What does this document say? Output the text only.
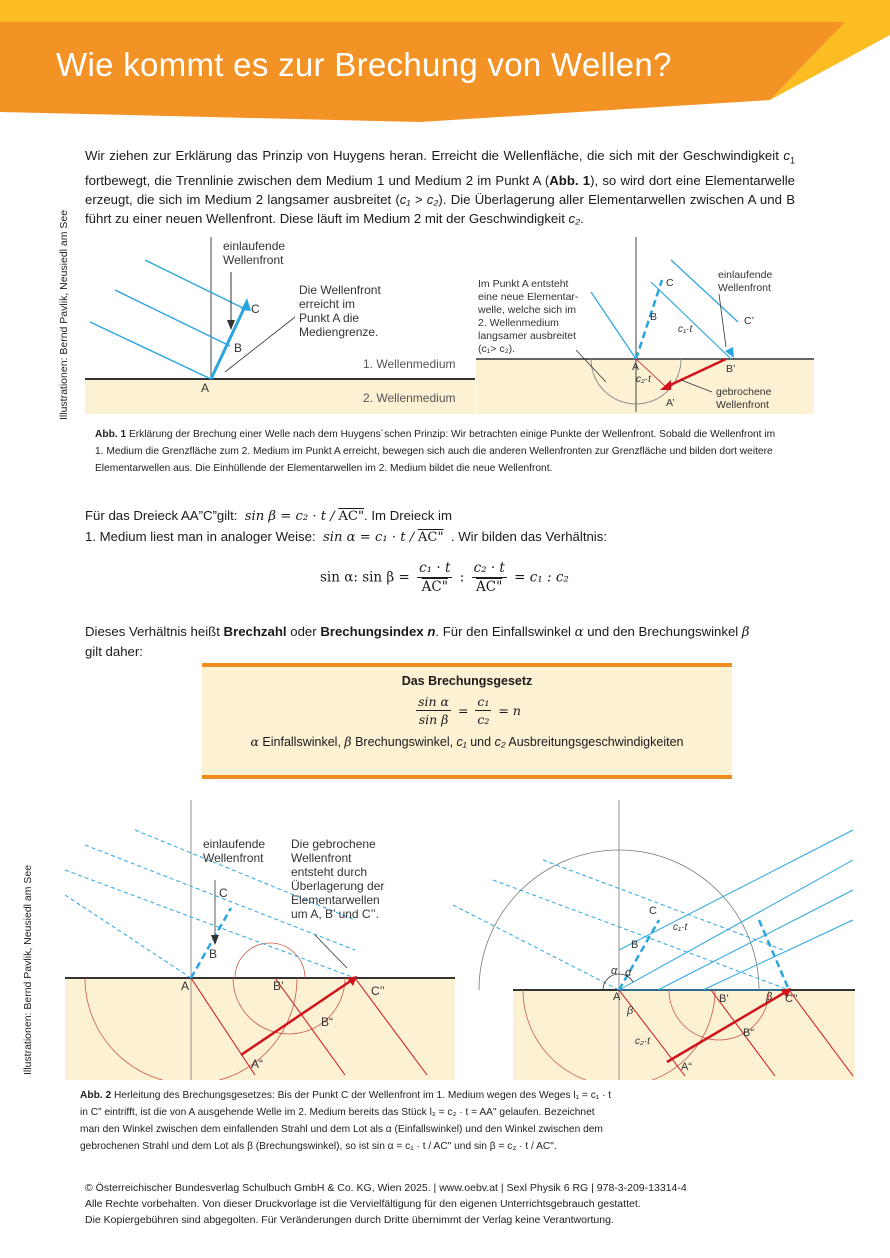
Wie kommt es zur Brechung von Wellen?
Illustrationen: Bernd Pavlik, Neusiedl am See
Illustrationen: Bernd Pavlik, Neusiedl am See
Wir ziehen zur Erklärung das Prinzip von Huygens heran. Erreicht die Wellenfläche, die sich mit der Geschwindigkeit $c_1$ fortbewegt, die Trennlinie zwischen dem Medium 1 und Medium 2 im Punkt A (Abb. 1), so wird dort eine Elementarwelle erzeugt, die sich im Medium 2 langsamer ausbreitet (c₁ > c₂). Die Überlagerung aller Elementarwellen zwischen A und B führt zu einer neuen Wellenfront. Diese läuft im Medium 2 mit der Geschwindigkeit c₂.
einlaufende
Wellenfront
Die Wellenfront
erreicht im
Punkt A die
Mediengrenze.
1. Wellenmedium
2. Wellenmedium
A
B
C
Im Punkt A entsteht
eine neue Elementar-
welle, welche sich im
2. Wellenmedium
langsamer ausbreitet
(c₁> c₂).
einlaufende
Wellenfront
gebrochene
Wellenfront
c₁·t
c₂·t
A
A’
B
B’
C
C’
Abb. 1 Erklärung der Brechung einer Welle nach dem Huygens´schen Prinzip: Wir betrachten einige Punkte der Wellenfront. Sobald die Wellenfront im 1. Medium die Grenzfläche zum 2. Medium im Punkt A erreicht, bewegen sich auch die anderen Wellenfronten zur Grenzfläche und bilden dort weitere Elementarwellen aus. Die Einhüllende der Elementarwellen im 2. Medium bildet die neue Wellenfront.
Für das Dreieck AA”C”gilt: sin β = c₂ · t / AC". Im Dreieck im
1. Medium liest man in analoger Weise: sin α = c₁ · t / AC" . Wir bilden das Verhältnis:
sin α: $\sin \beta = \frac{\text{c₁ · t}}{AC"}$ : $\frac{\text{c₂ · t}}{AC"} = c_1$ : c₂
Dieses Verhältnis heißt Brechzahl oder Brechungsindex n. Für den Einfallswinkel α und den Brechungswinkel β
gilt daher:
Das Brechungsgesetz
$\frac{\text{sin α}}{\text{sin β}} = \frac{\text{c₁}}{\text{c₂}} = n$
α Einfallswinkel, β Brechungswinkel, c₁ und c₂ Ausbreitungsgeschwindigkeiten
einlaufende
Wellenfront
Die gebrochene
Wellenfront
entsteht durch
Überlagerung der
Elementarwellen
um A, B’ und C’’.
A
B
B’
C
C’’
B“
A“
α α
β
β
c₁·t
c₂·t
A
B
B’
C
C’’
B“
A“
Abb. 2 Herleitung des Brechungsgesetzes: Bis der Punkt C der Wellenfront im 1. Medium wegen des Weges l₁ = c₁ · t
in C” eintrifft, ist die von A ausgehende Welle im 2. Medium bereits das Stück l₂ = c₂ · t = AA" gelaufen. Bezeichnet
man den Winkel zwischen dem einfallenden Strahl und dem Lot als α (Einfallswinkel) und den Winkel zwischen dem
gebrochenen Strahl und dem Lot als β (Brechungswinkel), so ist sin α = c₁ · t / AC" und sin β = c₂ · t / AC".
© Österreichischer Bundesverlag Schulbuch GmbH & Co. KG, Wien 2025. | www.oebv.at | Sexl Physik 6 RG | 978-3-209-13314-4
Alle Rechte vorbehalten. Von dieser Druckvorlage ist die Vervielfältigung für den eigenen Unterrichtsgebrauch gestattet.
Die Kopiergebühren sind abgegolten. Für Veränderungen durch Dritte übernimmt der Verlag keine Verantwortung.
